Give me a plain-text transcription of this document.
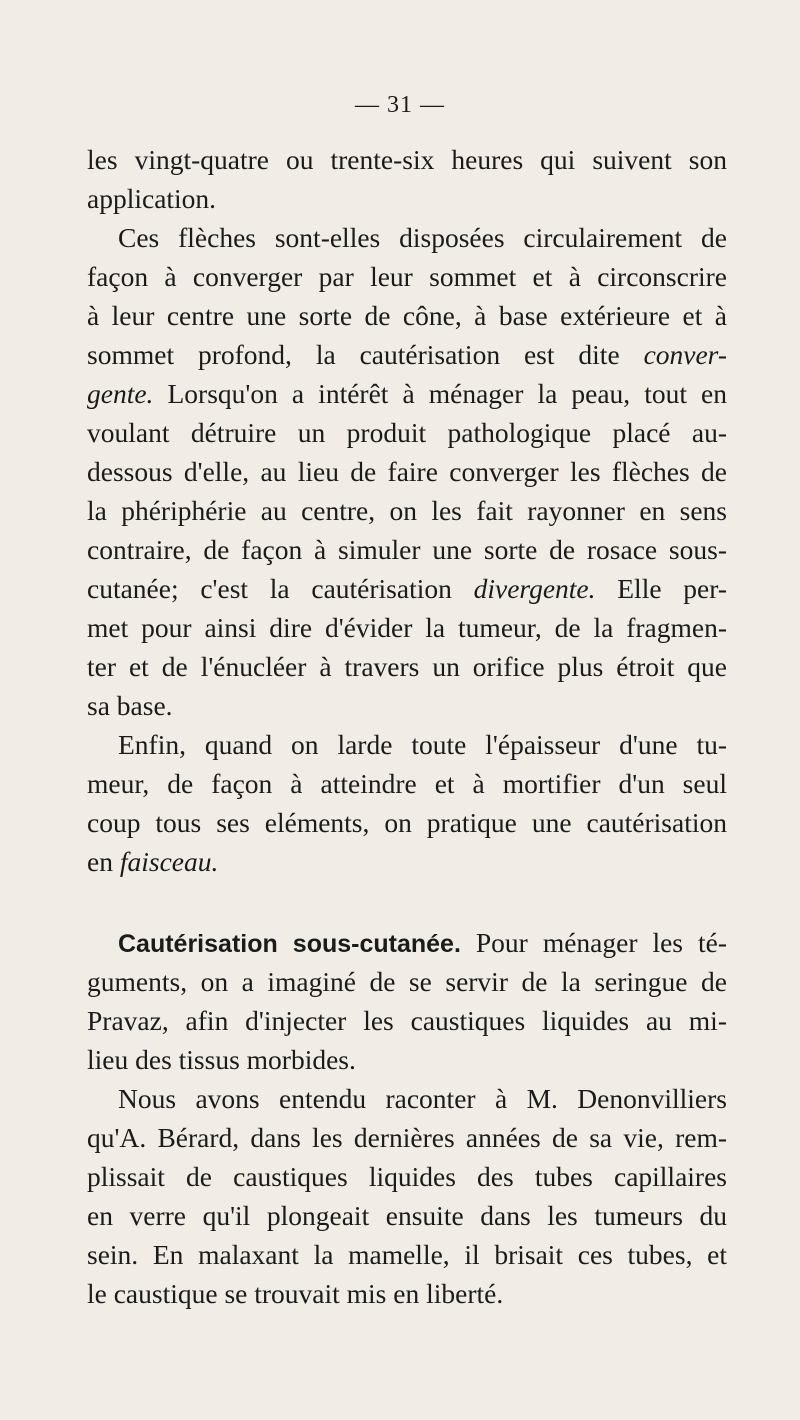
— 31 —
les vingt-quatre ou trente-six heures qui suivent son
application.
Ces flèches sont-elles disposées circulairement de
façon à converger par leur sommet et à circonscrire
à leur centre une sorte de cône, à base extérieure et à
sommet profond, la cautérisation est dite conver-
gente. Lorsqu'on a intérêt à ménager la peau, tout en
voulant détruire un produit pathologique placé au-
dessous d'elle, au lieu de faire converger les flèches de
la phériphérie au centre, on les fait rayonner en sens
contraire, de façon à simuler une sorte de rosace sous-
cutanée; c'est la cautérisation divergente. Elle per-
met pour ainsi dire d'évider la tumeur, de la fragmen-
ter et de l'énucléer à travers un orifice plus étroit que
sa base.
Enfin, quand on larde toute l'épaisseur d'une tu-
meur, de façon à atteindre et à mortifier d'un seul
coup tous ses eléments, on pratique une cautérisation
en faisceau.
Cautérisation sous-cutanée. Pour ménager les té-
guments, on a imaginé de se servir de la seringue de
Pravaz, afin d'injecter les caustiques liquides au mi-
lieu des tissus morbides.
Nous avons entendu raconter à M. Denonvilliers
qu'A. Bérard, dans les dernières années de sa vie, rem-
plissait de caustiques liquides des tubes capillaires
en verre qu'il plongeait ensuite dans les tumeurs du
sein. En malaxant la mamelle, il brisait ces tubes, et
le caustique se trouvait mis en liberté.
